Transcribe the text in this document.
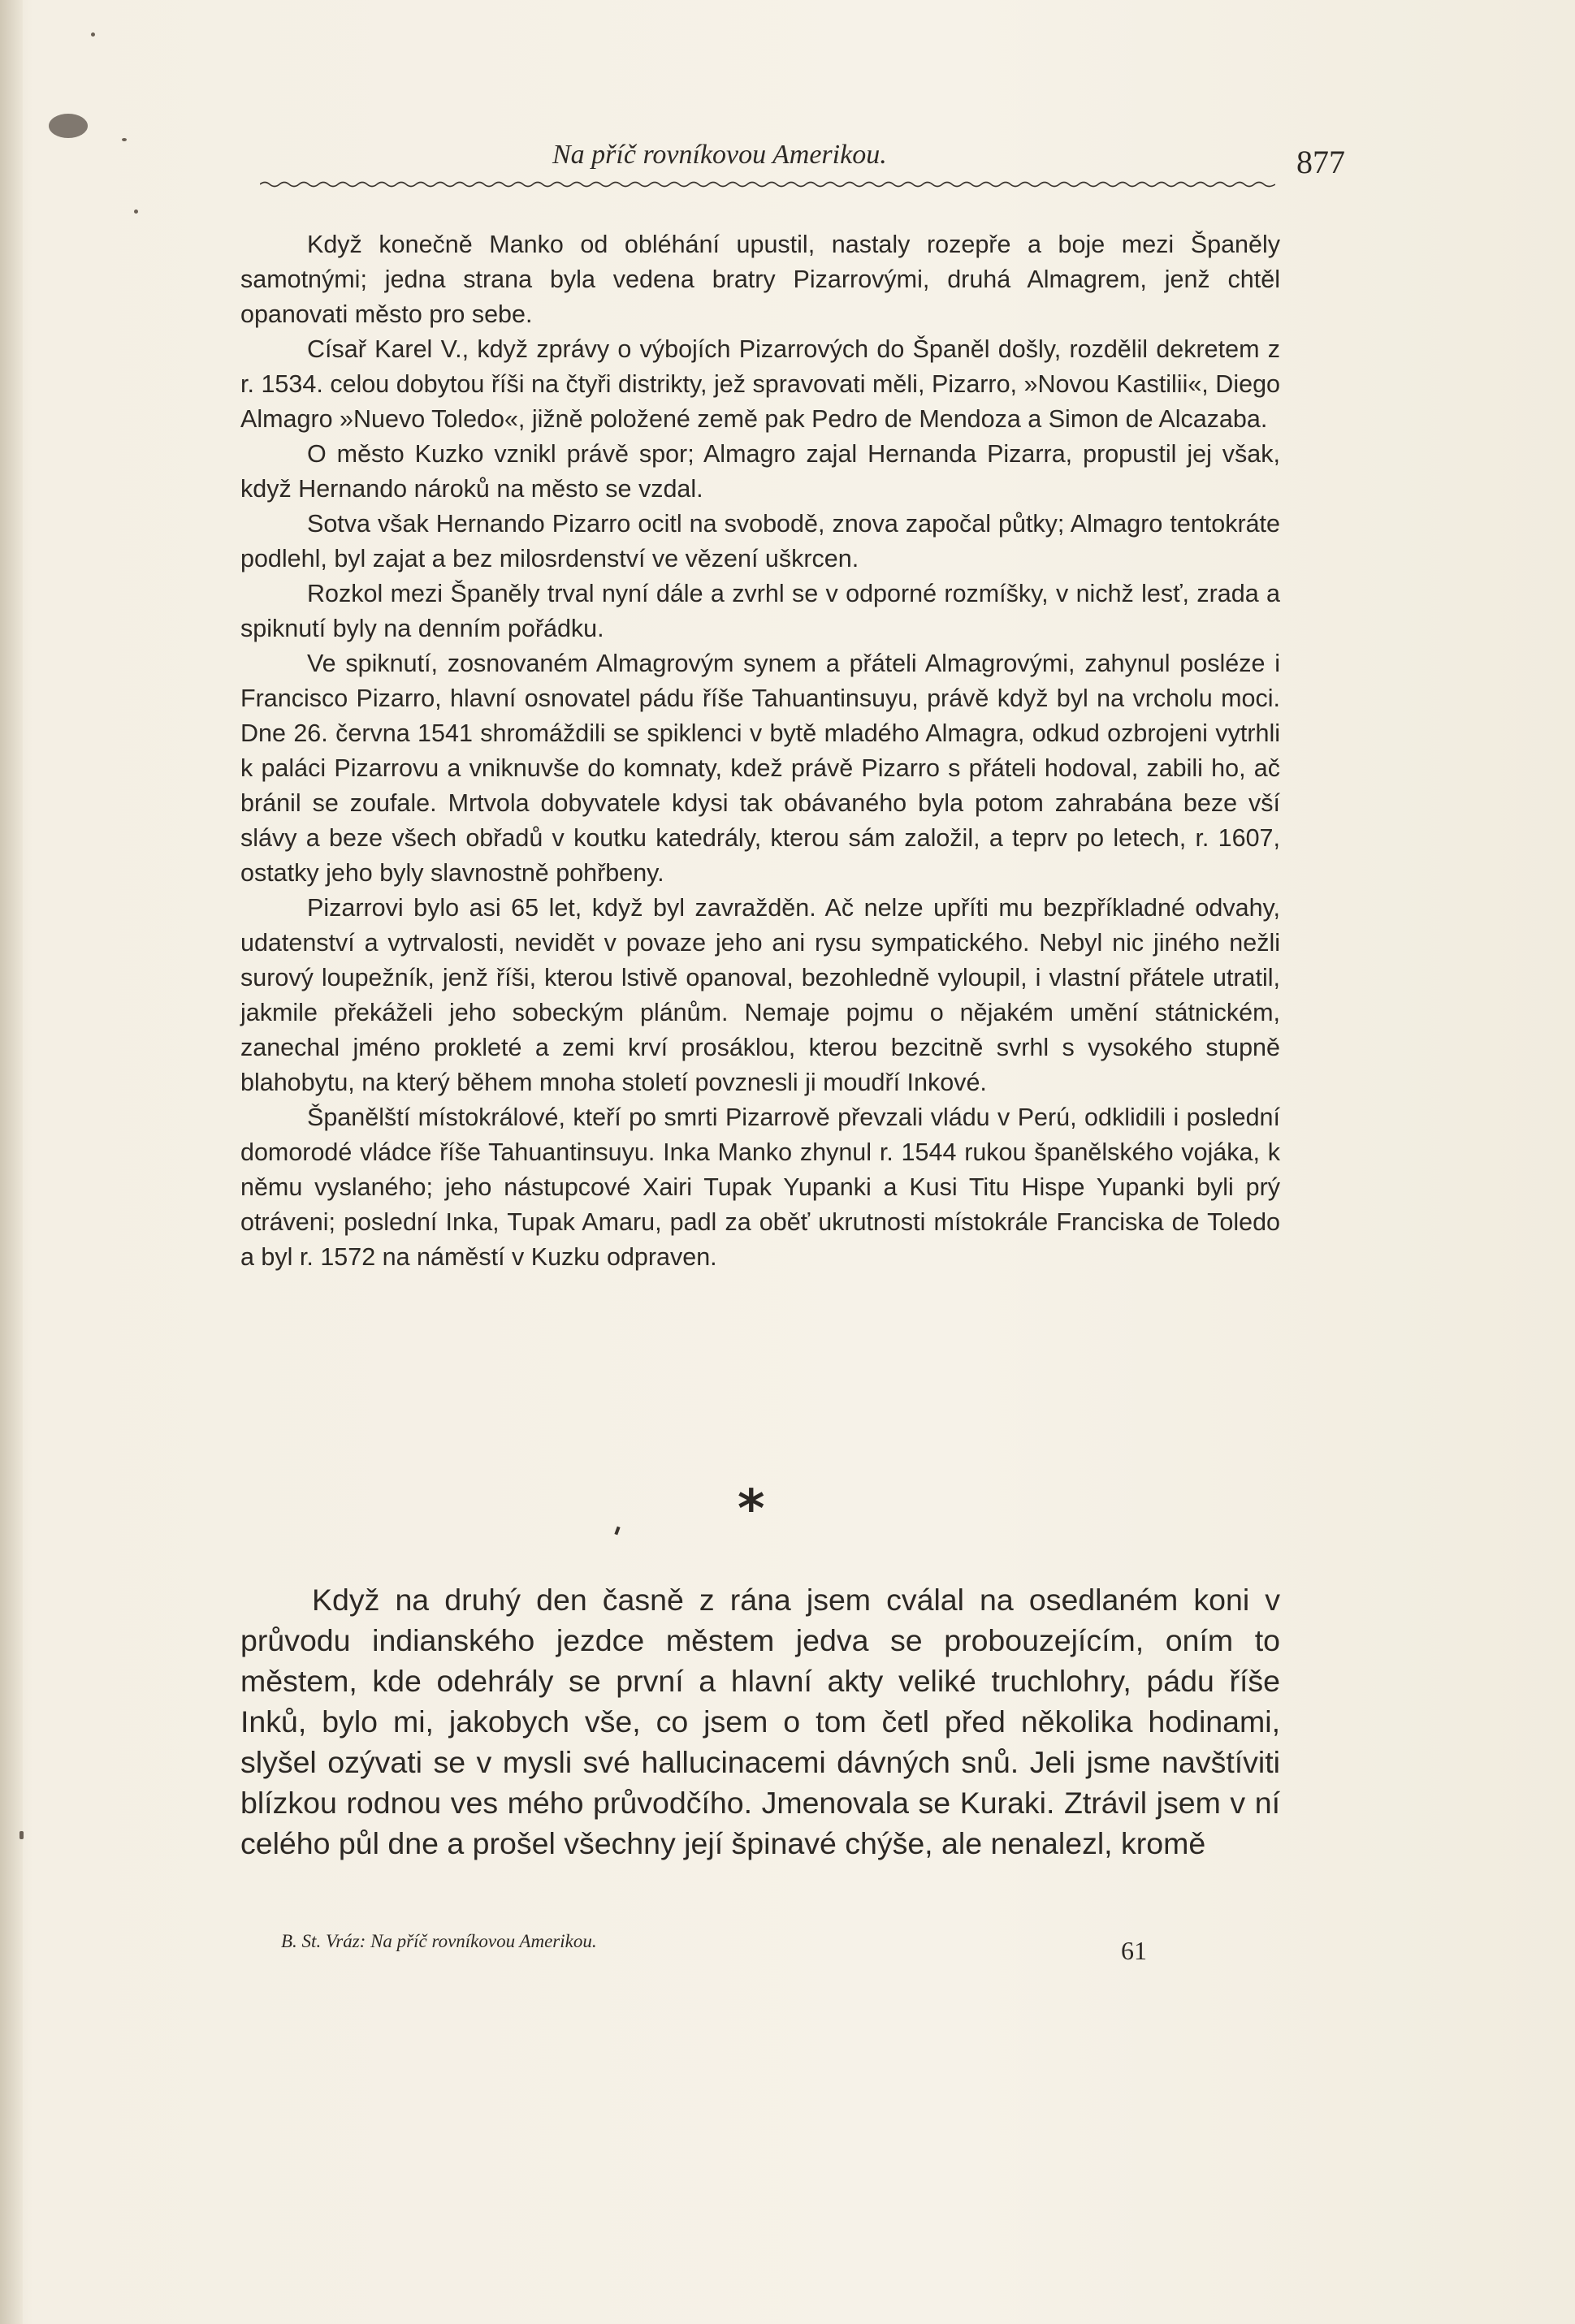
Na příč rovníkovou Amerikou.	877

Když konečně Manko od obléhání upustil, nastaly rozepře a boje mezi Španěly samotnými; jedna strana byla vedena bratry Pizarrovými, druhá Almagrem, jenž chtěl opanovati město pro sebe.

Císař Karel V., když zprávy o výbojích Pizarrových do Španěl došly, rozdělil dekretem z r. 1534. celou dobytou říši na čtyři distrikty, jež spravovati měli, Pizarro, »Novou Kastilii«, Diego Almagro »Nuevo Toledo«, jižně položené země pak Pedro de Mendoza a Simon de Alcazaba.

O město Kuzko vznikl právě spor; Almagro zajal Hernanda Pizarra, propustil jej však, když Hernando nároků na město se vzdal.

Sotva však Hernando Pizarro ocitl na svobodě, znova započal půtky; Almagro tentokráte podlehl, byl zajat a bez milosrdenství ve vězení uškrcen.

Rozkol mezi Španěly trval nyní dále a zvrhl se v odporné rozmíšky, v nichž lesť, zrada a spiknutí byly na denním pořádku.

Ve spiknutí, zosnovaném Almagrovým synem a přáteli Almagrovými, zahynul posléze i Francisco Pizarro, hlavní osnovatel pádu říše Tahuantinsuyu, právě když byl na vrcholu moci. Dne 26. června 1541 shromáždili se spiklenci v bytě mladého Almagra, odkud ozbrojeni vytrhli k paláci Pizarrovu a vniknuvše do komnaty, kdež právě Pizarro s přáteli hodoval, zabili ho, ač bránil se zoufale. Mrtvola dobyvatele kdysi tak obávaného byla potom zahrabána beze vší slávy a beze všech obřadů v koutku katedrály, kterou sám založil, a teprv po letech, r. 1607, ostatky jeho byly slavnostně pohřbeny.

Pizarrovi bylo asi 65 let, když byl zavražděn. Ač nelze upříti mu bezpříkladné odvahy, udatenství a vytrvalosti, nevidět v povaze jeho ani rysu sympatického. Nebyl nic jiného nežli surový loupežník, jenž říši, kterou lstivě opanoval, bezohledně vyloupil, i vlastní přátele utratil, jakmile překáželi jeho sobeckým plánům. Nemaje pojmu o nějakém umění státnickém, zanechal jméno prokleté a zemi krví prosáklou, kterou bezcitně svrhl s vysokého stupně blahobytu, na který během mnoha století povznesli ji moudří Inkové.

Španělští místokrálové, kteří po smrti Pizarrově převzali vládu v Perú, odklidili i poslední domorodé vládce říše Tahuantinsuyu. Inka Manko zhynul r. 1544 rukou španělského vojáka, k němu vyslaného; jeho nástupcové Xairi Tupak Yupanki a Kusi Titu Hispe Yupanki byli prý otráveni; poslední Inka, Tupak Amaru, padl za oběť ukrutnosti místokrále Franciska de Toledo a byl r. 1572 na náměstí v Kuzku odpraven.

*

Když na druhý den časně z rána jsem cválal na osedlaném koni v průvodu indianského jezdce městem jedva se probouzejícím, oním to městem, kde odehrály se první a hlavní akty veliké truchlohry, pádu říše Inků, bylo mi, jakobych vše, co jsem o tom četl před několika hodinami, slyšel ozývati se v mysli své hallucinacemi dávných snů. Jeli jsme navštíviti blízkou rodnou ves mého průvodčího. Jmenovala se Kuraki. Ztrávil jsem v ní celého půl dne a prošel všechny její špinavé chýše, ale nenalezl, kromě

B. St. Vráz: Na příč rovníkovou Amerikou.	61
